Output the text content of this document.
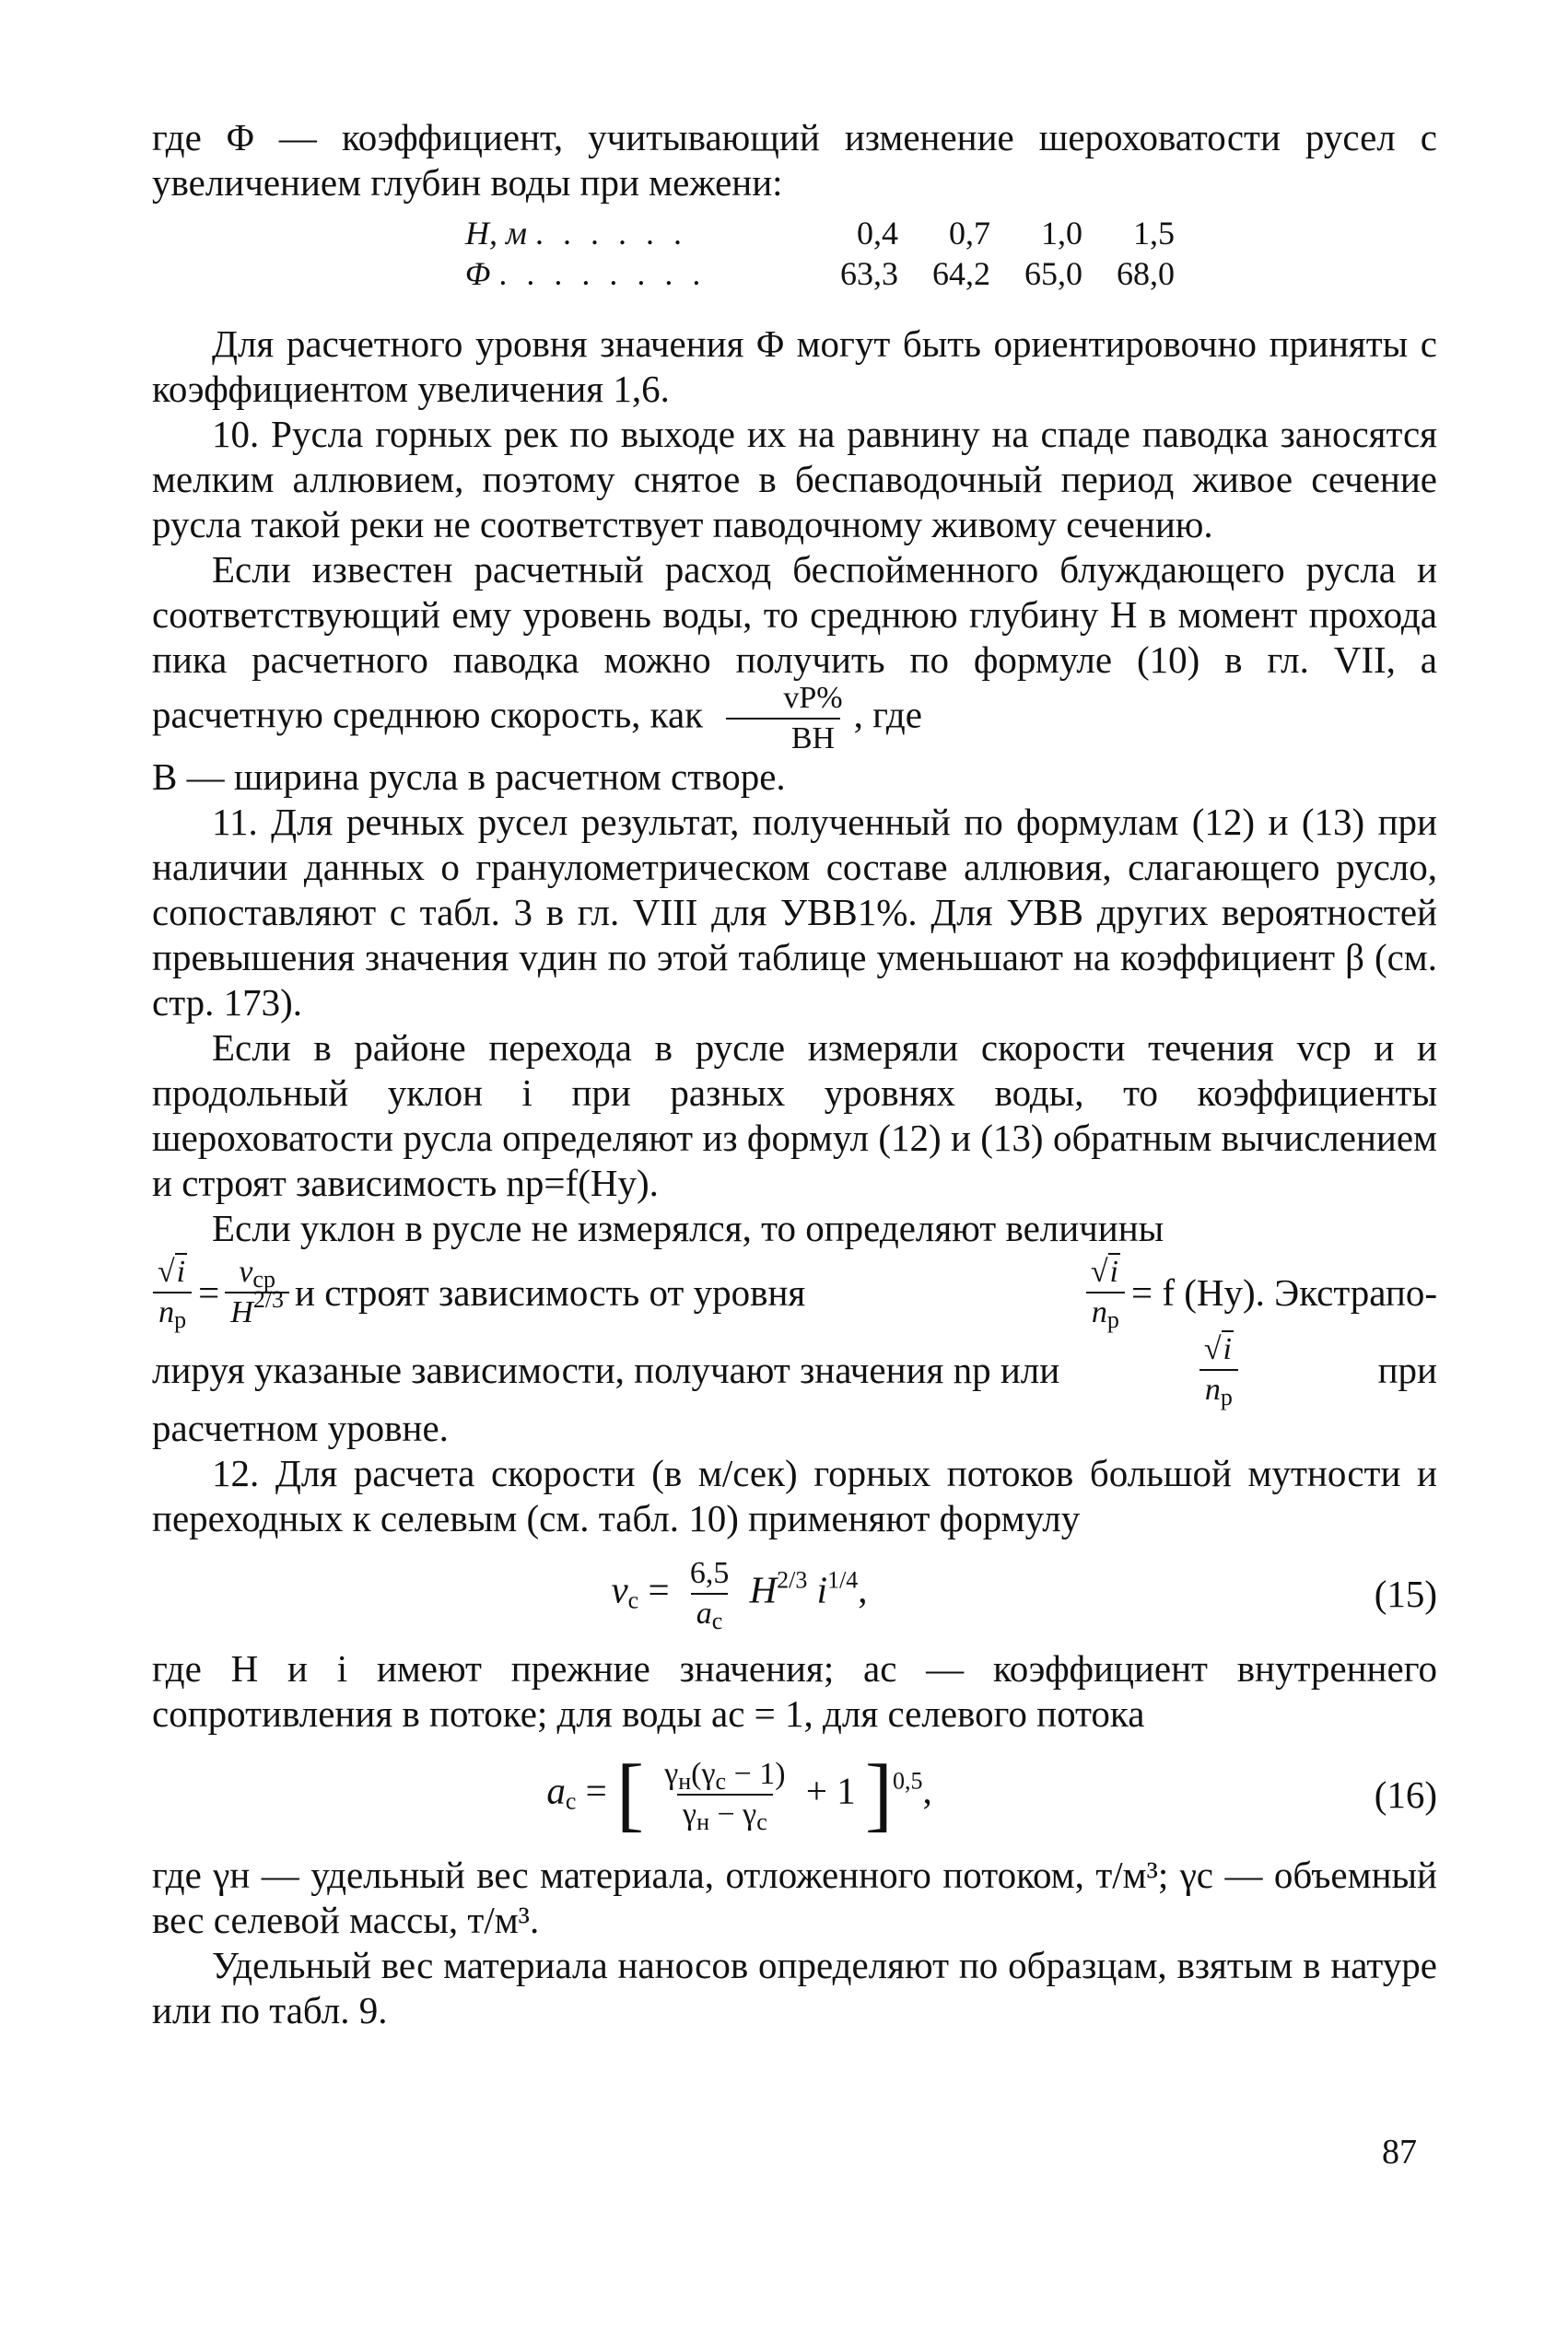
где Φ — коэффициент, учитывающий изменение шероховатости русел с увеличением глубин воды при межени:

H, м . . . . . .	0,4	0,7	1,0	1,5
Φ . . . . . . . .	63,3	64,2	65,0	68,0

Для расчетного уровня значения Φ могут быть ориентировочно приняты с коэффициентом увеличения 1,6.

10. Русла горных рек по выходе их на равнину на спаде паводка заносятся мелким аллювием, поэтому снятое в беспаводочный период живое сечение русла такой реки не соответствует паводочному живому сечению.

Если известен расчетный расход беспойменного блуждающего русла и соответствующий ему уровень воды, то среднюю глубину H в момент прохода пика расчетного паводка можно получить по формуле (10) в гл. VII, а расчетную среднюю скорость, как $\frac{vP\%}{BH}$ , где

B — ширина русла в расчетном створе.

11. Для речных русел результат, полученный по формулам (12) и (13) при наличии данных о гранулометрическом составе аллювия, слагающего русло, сопоставляют с табл. 3 в гл. VIII для УВВ1%. Для УВВ других вероятностей превышения значения vдин по этой таблице уменьшают на коэффициент β (см. стр. 173).

Если в районе перехода в русле измеряли скорости течения vср и и продольный уклон i при разных уровнях воды, то коэффициенты шероховатости русла определяют из формул (12) и (13) обратным вычислением и строят зависимость nр=f(Hу).

Если уклон в русле не измерялся, то определяют величины

$\frac{√i}{n_р} = \frac{v_{ср}}{H^{2/3}}$ и строят зависимость от уровня	$\frac{√i}{n_р} = f$ (Hу). Экстрапо-
лируя указаные зависимости, получают значения nр или	$\frac{√i}{n_р}$	при

расчетном уровне.

12. Для расчета скорости (в м/сек) горных потоков большой мутности и переходных к селевым (см. табл. 10) применяют формулу

$v_с = \frac{6,5}{a_с} H^{2/3}$ $i^{1/4}$,	(15)

где H и i имеют прежние значения; aс — коэффициент внутреннего сопротивления в потоке; для воды aс = 1, для селевого потока

$a_с$ = [ $\frac{\gamma_н(\gamma_с - 1)}{\gamma_н - \gamma_с} + 1$ ]$^{0,5}$,	(16)

где γн — удельный вес материала, отложенного потоком, т/м³; γс — объемный вес селевой массы, т/м³.

Удельный вес материала наносов определяют по образцам, взятым в натуре или по табл. 9.

87
